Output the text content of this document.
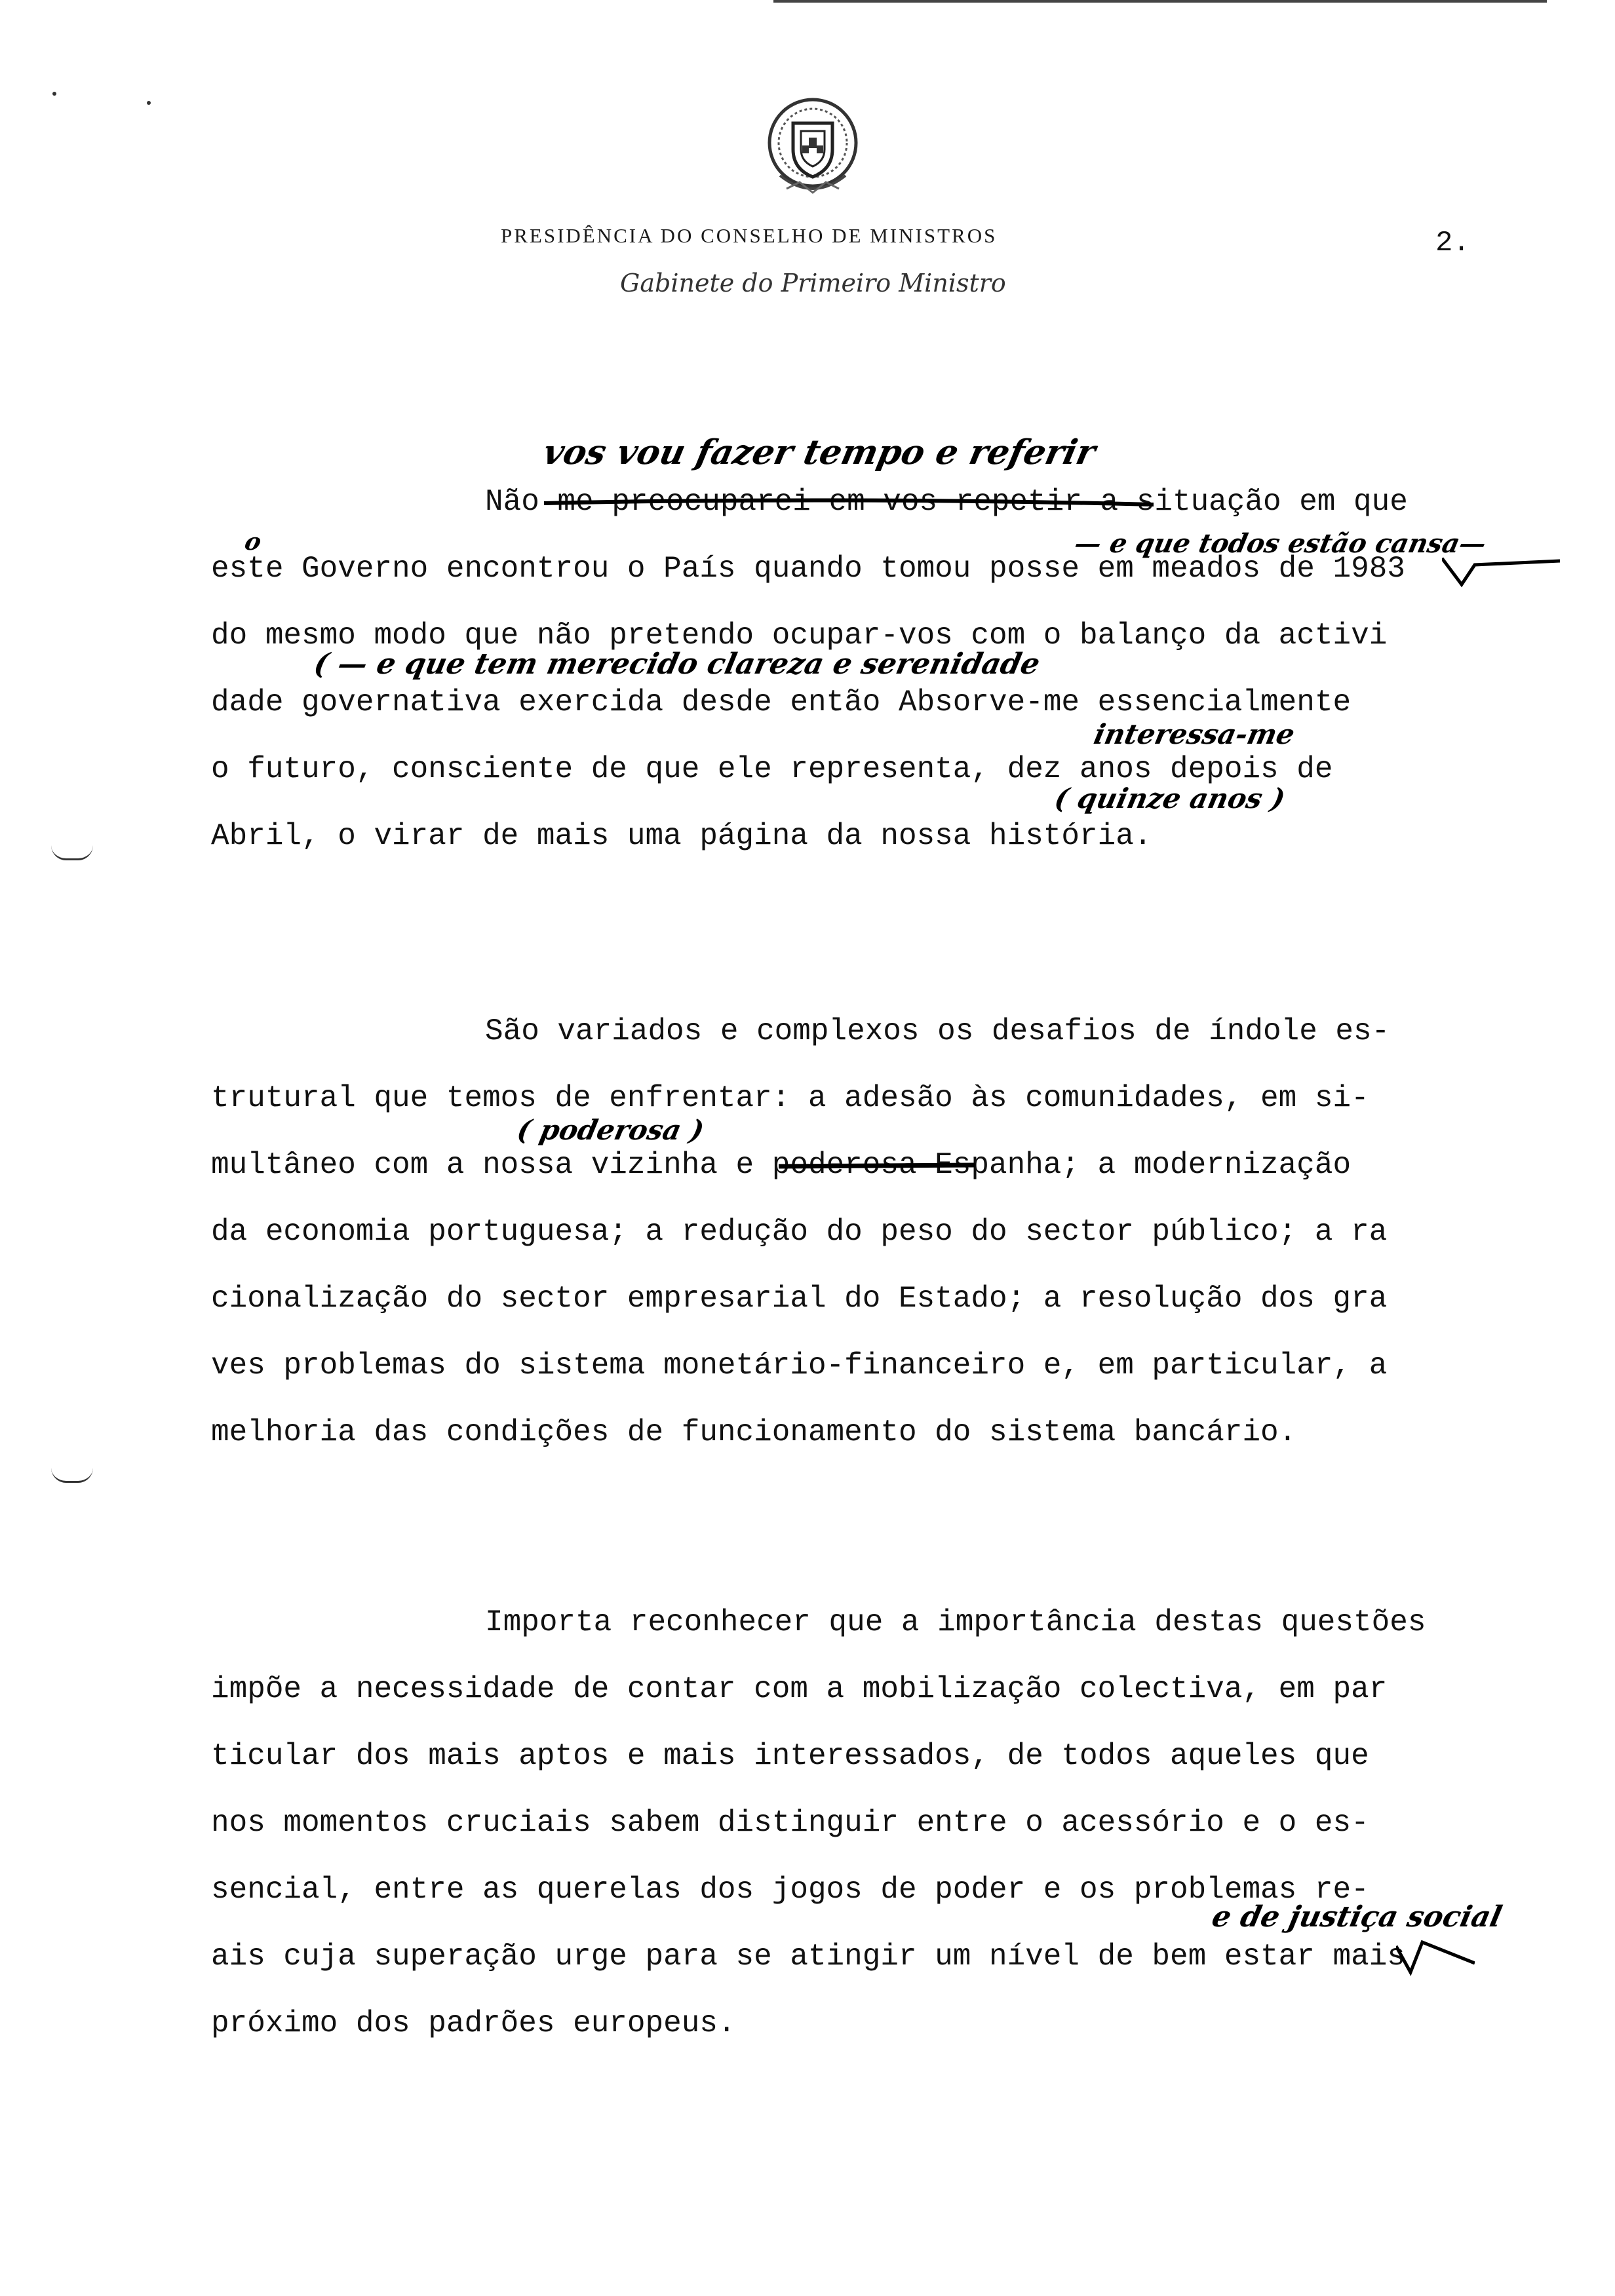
PRESIDÊNCIA DO CONSELHO DE MINISTROS	2.
Gabinete do Primeiro Ministro
vos vou fazer tempo e referir
Não me preocuparei em vos repetir a situação em que
o	— e que todos estão cansa—
este Governo encontrou o País quando tomou posse em meados de 1983
do mesmo modo que não pretendo ocupar-vos com o balanço da activi
( — e que tem merecido clareza e serenidade
dade governativa exercida desde então Absorve-me essencialmente
interessa-me
o futuro, consciente de que ele representa, dez anos depois de
( quinze anos )
Abril, o virar de mais uma página da nossa história.
São variados e complexos os desafios de índole es-
trutural que temos de enfrentar: a adesão às comunidades, em si-
( poderosa )
multâneo com a nossa vizinha e poderosa Espanha; a modernização
da economia portuguesa; a redução do peso do sector público; a ra
cionalização do sector empresarial do Estado; a resolução dos gra
ves problemas do sistema monetário-financeiro e, em particular, a
melhoria das condições de funcionamento do sistema bancário.
Importa reconhecer que a importância destas questões
impõe a necessidade de contar com a mobilização colectiva, em par
ticular dos mais aptos e mais interessados, de todos aqueles que
nos momentos cruciais sabem distinguir entre o acessório e o es-
sencial, entre as querelas dos jogos de poder e os problemas re-
e de justiça social
ais cuja superação urge para se atingir um nível de bem estar mais
próximo dos padrões europeus.
